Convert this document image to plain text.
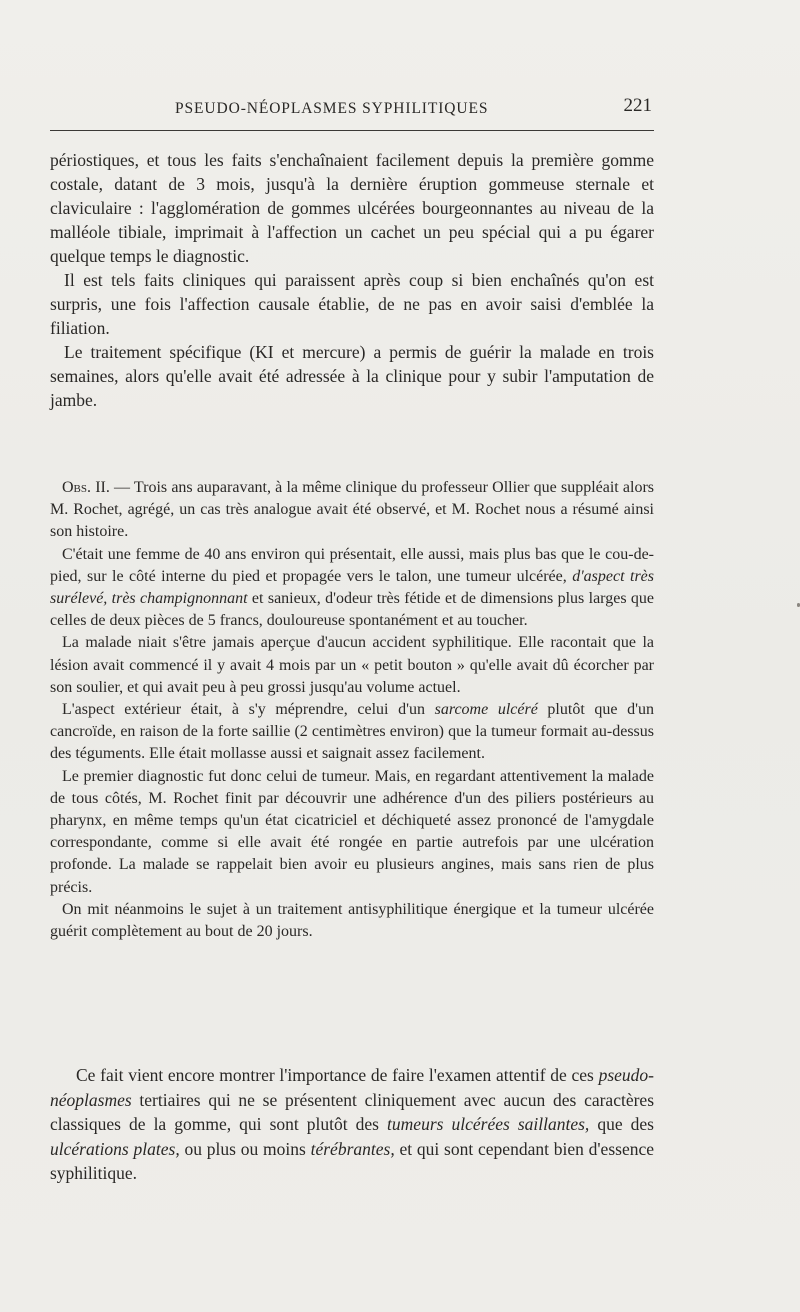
PSEUDO-NÉOPLASMES SYPHILITIQUES	221

périostiques, et tous les faits s'enchaînaient facilement depuis la première gomme costale, datant de 3 mois, jusqu'à la dernière éruption gommeuse sternale et claviculaire : l'agglomération de gommes ulcérées bourgeonnantes au niveau de la malléole tibiale, imprimait à l'affection un cachet un peu spécial qui a pu égarer quelque temps le diagnostic.

Il est tels faits cliniques qui paraissent après coup si bien enchaînés qu'on est surpris, une fois l'affection causale établie, de ne pas en avoir saisi d'emblée la filiation.

Le traitement spécifique (KI et mercure) a permis de guérir la malade en trois semaines, alors qu'elle avait été adressée à la clinique pour y subir l'amputation de jambe.

Obs. II. — Trois ans auparavant, à la même clinique du professeur Ollier que suppléait alors M. Rochet, agrégé, un cas très analogue avait été observé, et M. Rochet nous a résumé ainsi son histoire.

C'était une femme de 40 ans environ qui présentait, elle aussi, mais plus bas que le cou-de-pied, sur le côté interne du pied et propagée vers le talon, une tumeur ulcérée, d'aspect très surélevé, très champignonnant et sanieux, d'odeur très fétide et de dimensions plus larges que celles de deux pièces de 5 francs, douloureuse spontanément et au toucher.

La malade niait s'être jamais aperçue d'aucun accident syphilitique. Elle racontait que la lésion avait commencé il y avait 4 mois par un « petit bouton » qu'elle avait dû écorcher par son soulier, et qui avait peu à peu grossi jusqu'au volume actuel.

L'aspect extérieur était, à s'y méprendre, celui d'un sarcome ulcéré plutôt que d'un cancroïde, en raison de la forte saillie (2 centimètres environ) que la tumeur formait au-dessus des téguments. Elle était mollasse aussi et saignait assez facilement.

Le premier diagnostic fut donc celui de tumeur. Mais, en regardant attentivement la malade de tous côtés, M. Rochet finit par découvrir une adhérence d'un des piliers postérieurs au pharynx, en même temps qu'un état cicatriciel et déchiqueté assez prononcé de l'amygdale correspondante, comme si elle avait été rongée en partie autrefois par une ulcération profonde. La malade se rappelait bien avoir eu plusieurs angines, mais sans rien de plus précis.

On mit néanmoins le sujet à un traitement antisyphilitique énergique et la tumeur ulcérée guérit complètement au bout de 20 jours.

Ce fait vient encore montrer l'importance de faire l'examen attentif de ces pseudo-néoplasmes tertiaires qui ne se présentent cliniquement avec aucun des caractères classiques de la gomme, qui sont plutôt des tumeurs ulcérées saillantes, que des ulcérations plates, ou plus ou moins térébrantes, et qui sont cependant bien d'essence syphilitique.
